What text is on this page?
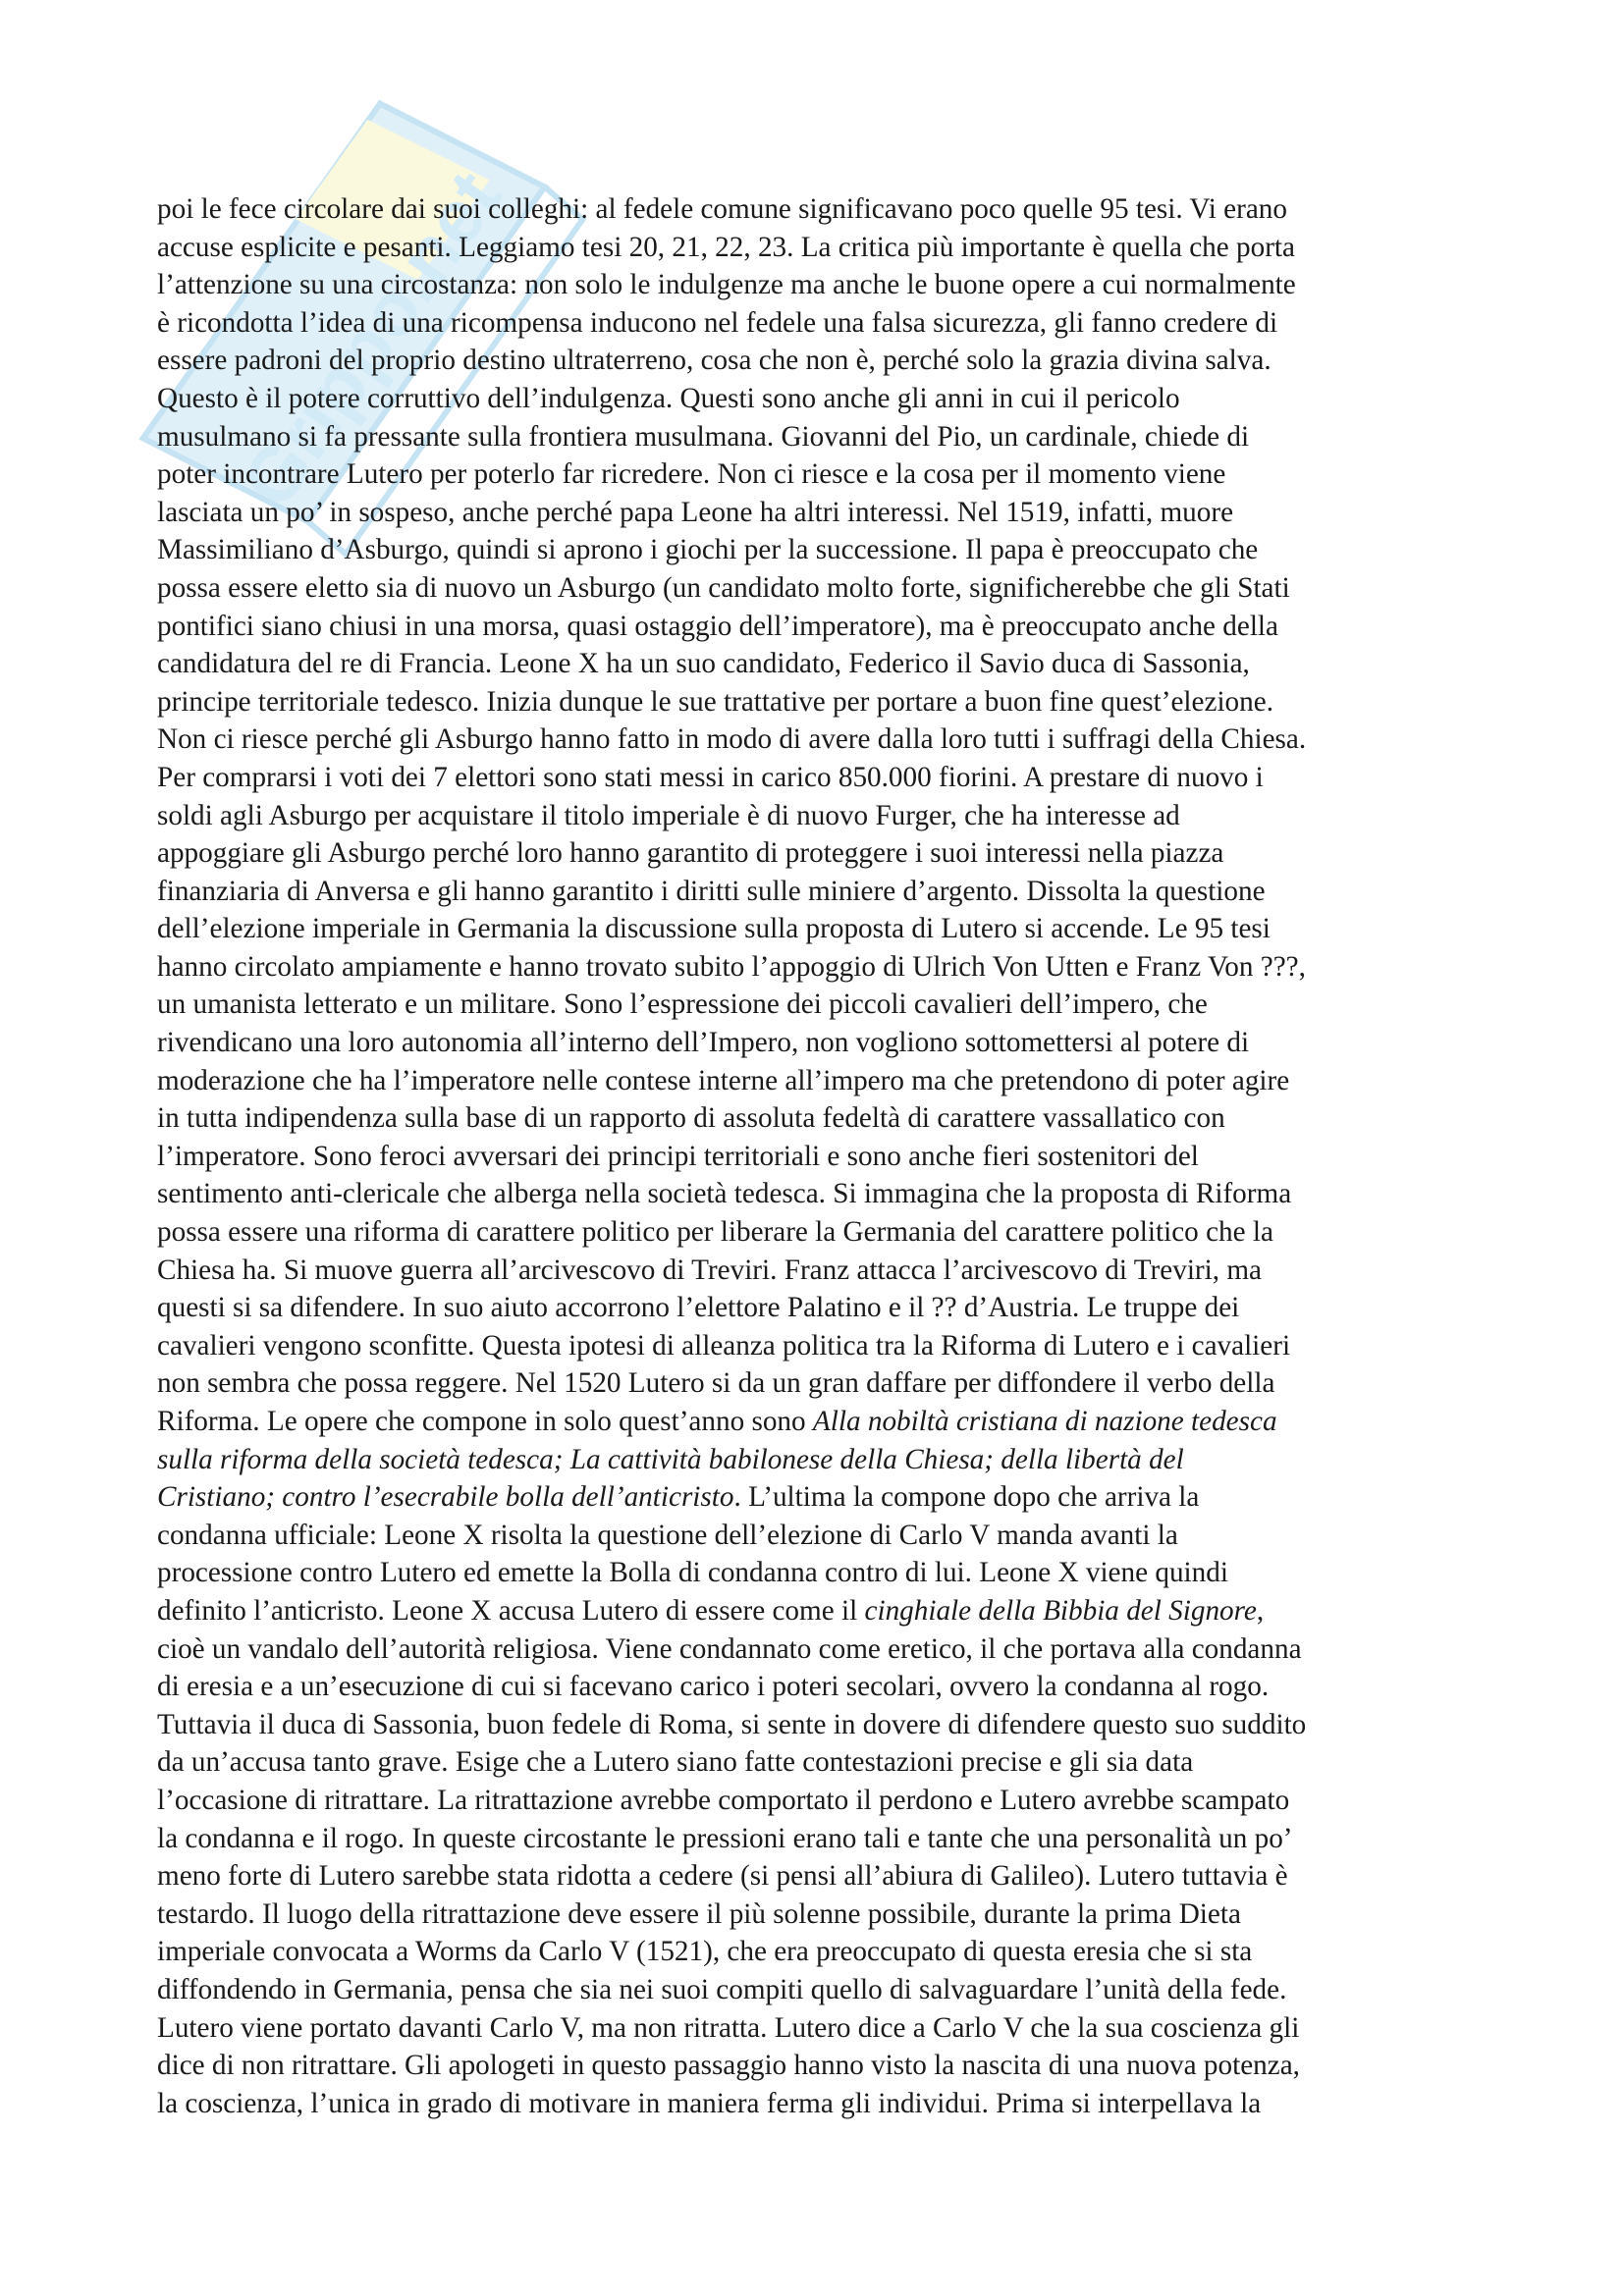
Grippo.net
poi le fece circolare dai suoi colleghi: al fedele comune significavano poco quelle 95 tesi. Vi erano
accuse esplicite e pesanti. Leggiamo tesi 20, 21, 22, 23. La critica più importante è quella che porta
l’attenzione su una circostanza: non solo le indulgenze ma anche le buone opere a cui normalmente
è ricondotta l’idea di una ricompensa inducono nel fedele una falsa sicurezza, gli fanno credere di
essere padroni del proprio destino ultraterreno, cosa che non è, perché solo la grazia divina salva.
Questo è il potere corruttivo dell’indulgenza. Questi sono anche gli anni in cui il pericolo
musulmano si fa pressante sulla frontiera musulmana. Giovanni del Pio, un cardinale, chiede di
poter incontrare Lutero per poterlo far ricredere. Non ci riesce e la cosa per il momento viene
lasciata un po’ in sospeso, anche perché papa Leone ha altri interessi. Nel 1519, infatti, muore
Massimiliano d’Asburgo, quindi si aprono i giochi per la successione. Il papa è preoccupato che
possa essere eletto sia di nuovo un Asburgo (un candidato molto forte, significherebbe che gli Stati
pontifici siano chiusi in una morsa, quasi ostaggio dell’imperatore), ma è preoccupato anche della
candidatura del re di Francia. Leone X ha un suo candidato, Federico il Savio duca di Sassonia,
principe territoriale tedesco. Inizia dunque le sue trattative per portare a buon fine quest’elezione.
Non ci riesce perché gli Asburgo hanno fatto in modo di avere dalla loro tutti i suffragi della Chiesa.
Per comprarsi i voti dei 7 elettori sono stati messi in carico 850.000 fiorini. A prestare di nuovo i
soldi agli Asburgo per acquistare il titolo imperiale è di nuovo Furger, che ha interesse ad
appoggiare gli Asburgo perché loro hanno garantito di proteggere i suoi interessi nella piazza
finanziaria di Anversa e gli hanno garantito i diritti sulle miniere d’argento. Dissolta la questione
dell’elezione imperiale in Germania la discussione sulla proposta di Lutero si accende. Le 95 tesi
hanno circolato ampiamente e hanno trovato subito l’appoggio di Ulrich Von Utten e Franz Von ???,
un umanista letterato e un militare. Sono l’espressione dei piccoli cavalieri dell’impero, che
rivendicano una loro autonomia all’interno dell’Impero, non vogliono sottomettersi al potere di
moderazione che ha l’imperatore nelle contese interne all’impero ma che pretendono di poter agire
in tutta indipendenza sulla base di un rapporto di assoluta fedeltà di carattere vassallatico con
l’imperatore. Sono feroci avversari dei principi territoriali e sono anche fieri sostenitori del
sentimento anti-clericale che alberga nella società tedesca. Si immagina che la proposta di Riforma
possa essere una riforma di carattere politico per liberare la Germania del carattere politico che la
Chiesa ha. Si muove guerra all’arcivescovo di Treviri. Franz attacca l’arcivescovo di Treviri, ma
questi si sa difendere. In suo aiuto accorrono l’elettore Palatino e il ?? d’Austria. Le truppe dei
cavalieri vengono sconfitte. Questa ipotesi di alleanza politica tra la Riforma di Lutero e i cavalieri
non sembra che possa reggere. Nel 1520 Lutero si da un gran daffare per diffondere il verbo della
Riforma. Le opere che compone in solo quest’anno sono Alla nobiltà cristiana di nazione tedesca
sulla riforma della società tedesca; La cattività babilonese della Chiesa; della libertà del
Cristiano; contro l’esecrabile bolla dell’anticristo. L’ultima la compone dopo che arriva la
condanna ufficiale: Leone X risolta la questione dell’elezione di Carlo V manda avanti la
processione contro Lutero ed emette la Bolla di condanna contro di lui. Leone X viene quindi
definito l’anticristo. Leone X accusa Lutero di essere come il cinghiale della Bibbia del Signore,
cioè un vandalo dell’autorità religiosa. Viene condannato come eretico, il che portava alla condanna
di eresia e a un’esecuzione di cui si facevano carico i poteri secolari, ovvero la condanna al rogo.
Tuttavia il duca di Sassonia, buon fedele di Roma, si sente in dovere di difendere questo suo suddito
da un’accusa tanto grave. Esige che a Lutero siano fatte contestazioni precise e gli sia data
l’occasione di ritrattare. La ritrattazione avrebbe comportato il perdono e Lutero avrebbe scampato
la condanna e il rogo. In queste circostante le pressioni erano tali e tante che una personalità un po’
meno forte di Lutero sarebbe stata ridotta a cedere (si pensi all’abiura di Galileo). Lutero tuttavia è
testardo. Il luogo della ritrattazione deve essere il più solenne possibile, durante la prima Dieta
imperiale convocata a Worms da Carlo V (1521), che era preoccupato di questa eresia che si sta
diffondendo in Germania, pensa che sia nei suoi compiti quello di salvaguardare l’unità della fede.
Lutero viene portato davanti Carlo V, ma non ritratta. Lutero dice a Carlo V che la sua coscienza gli
dice di non ritrattare. Gli apologeti in questo passaggio hanno visto la nascita di una nuova potenza,
la coscienza, l’unica in grado di motivare in maniera ferma gli individui. Prima si interpellava la
